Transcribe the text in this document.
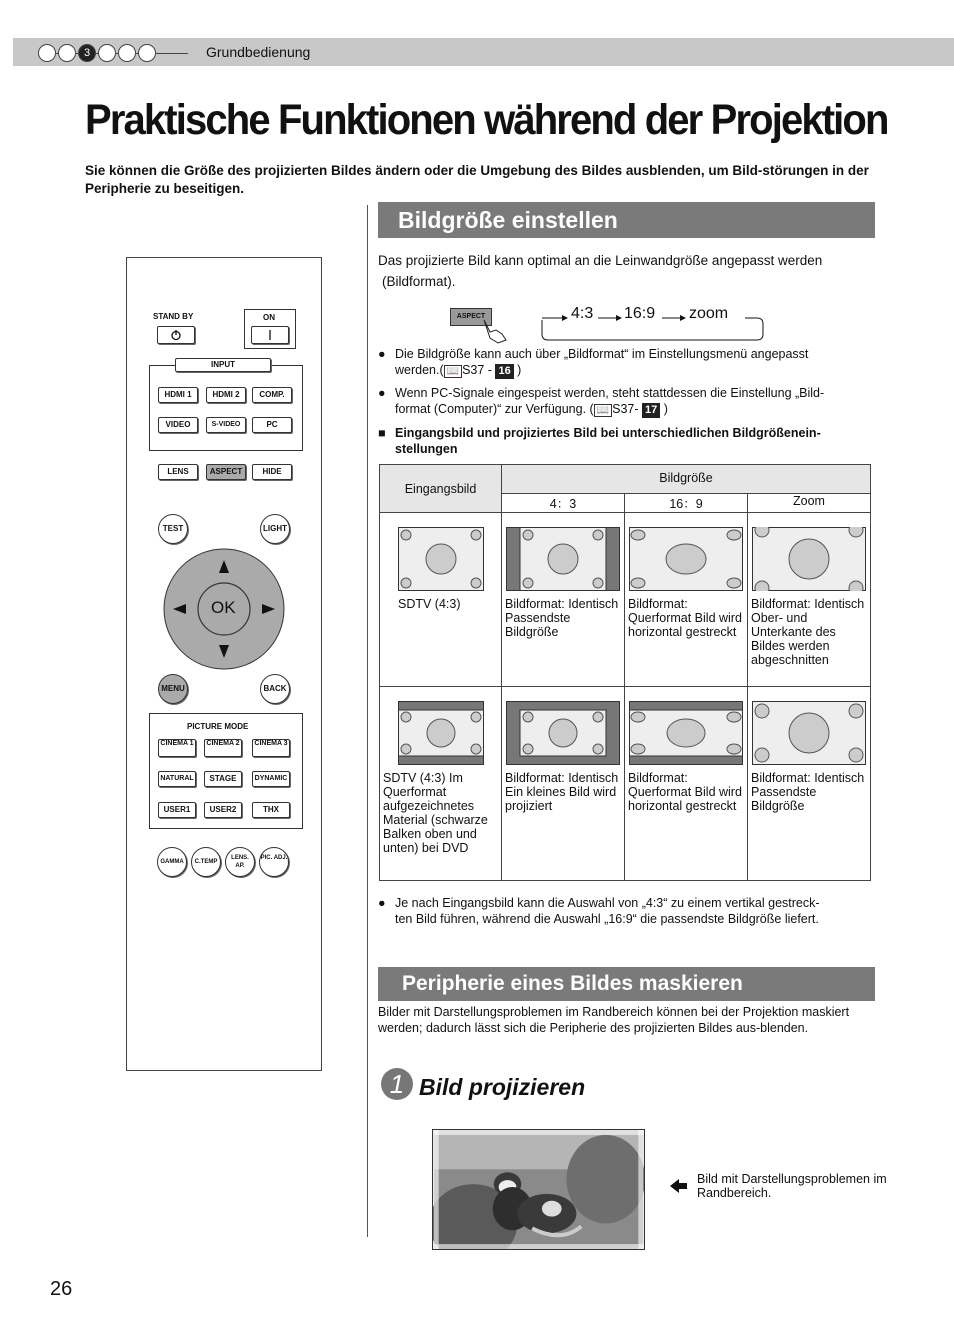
3	Grundbedienung
Praktische Funktionen während der Projektion
Sie können die Größe des projizierten Bildes ändern oder die Umgebung des Bildes ausblenden, um Bild-störungen in der Peripherie zu beseitigen.
STAND BY	ON
INPUT
HDMI 1	HDMI 2	COMP.
VIDEO	S-VIDEO	PC
LENS	ASPECT	HIDE
TEST	LIGHT
OK
MENU	BACK
PICTURE MODE
CINEMA 1	CINEMA 2	CINEMA 3
NATURAL	STAGE	DYNAMIC
USER1	USER2	THX
GAMMA	C.TEMP
LENS. AP.
PIC. ADJ.
Bildgröße einstellen
Das projizierte Bild kann optimal an die Leinwandgröße angepasst werden
(Bildformat).
ASPECT	4:3 16:9 zoom
● Die Bildgröße kann auch über „Bildformat“ im Einstellungsmenü angepasst
werden.( 📖 S37 - 16 )
● Wenn PC-Signale eingespeist werden, steht stattdessen die Einstellung „Bild-
format (Computer)“ zur Verfügung. ( 📖 S37- 17 )
■ Eingangsbild und projiziertes Bild bei unterschiedlichen Bildgrößenein-stellungen
Eingangsbild	Bildgröße		
	4：3	16：9	Zoom

SDTV (4:3)	Bildformat: Identisch Passendste Bildgröße	Bildformat: Querformat Bild wird horizontal gestreckt	Bildformat: Identisch Ober- und Unterkante des Bildes werden abgeschnitten

SDTV (4:3) Im Querformat aufgezeichnetes Material (schwarze Balken oben und unten) bei DVD	Bildformat: Identisch Ein kleines Bild wird projiziert	Bildformat: Querformat Bild wird horizontal gestreckt	Bildformat: Identisch Passendste Bildgröße
● Je nach Eingangsbild kann die Auswahl von „4:3“ zu einem vertikal gestreck-
ten Bild führen, während die Auswahl „16:9“ die passendste Bildgröße liefert.
Peripherie eines Bildes maskieren
Bilder mit Darstellungsproblemen im Randbereich können bei der Projektion maskiert werden; dadurch lässt sich die Peripherie des projizierten Bildes aus-blenden.
1 Bild projizieren
Bild mit Darstellungsproblemen im Randbereich.
26
